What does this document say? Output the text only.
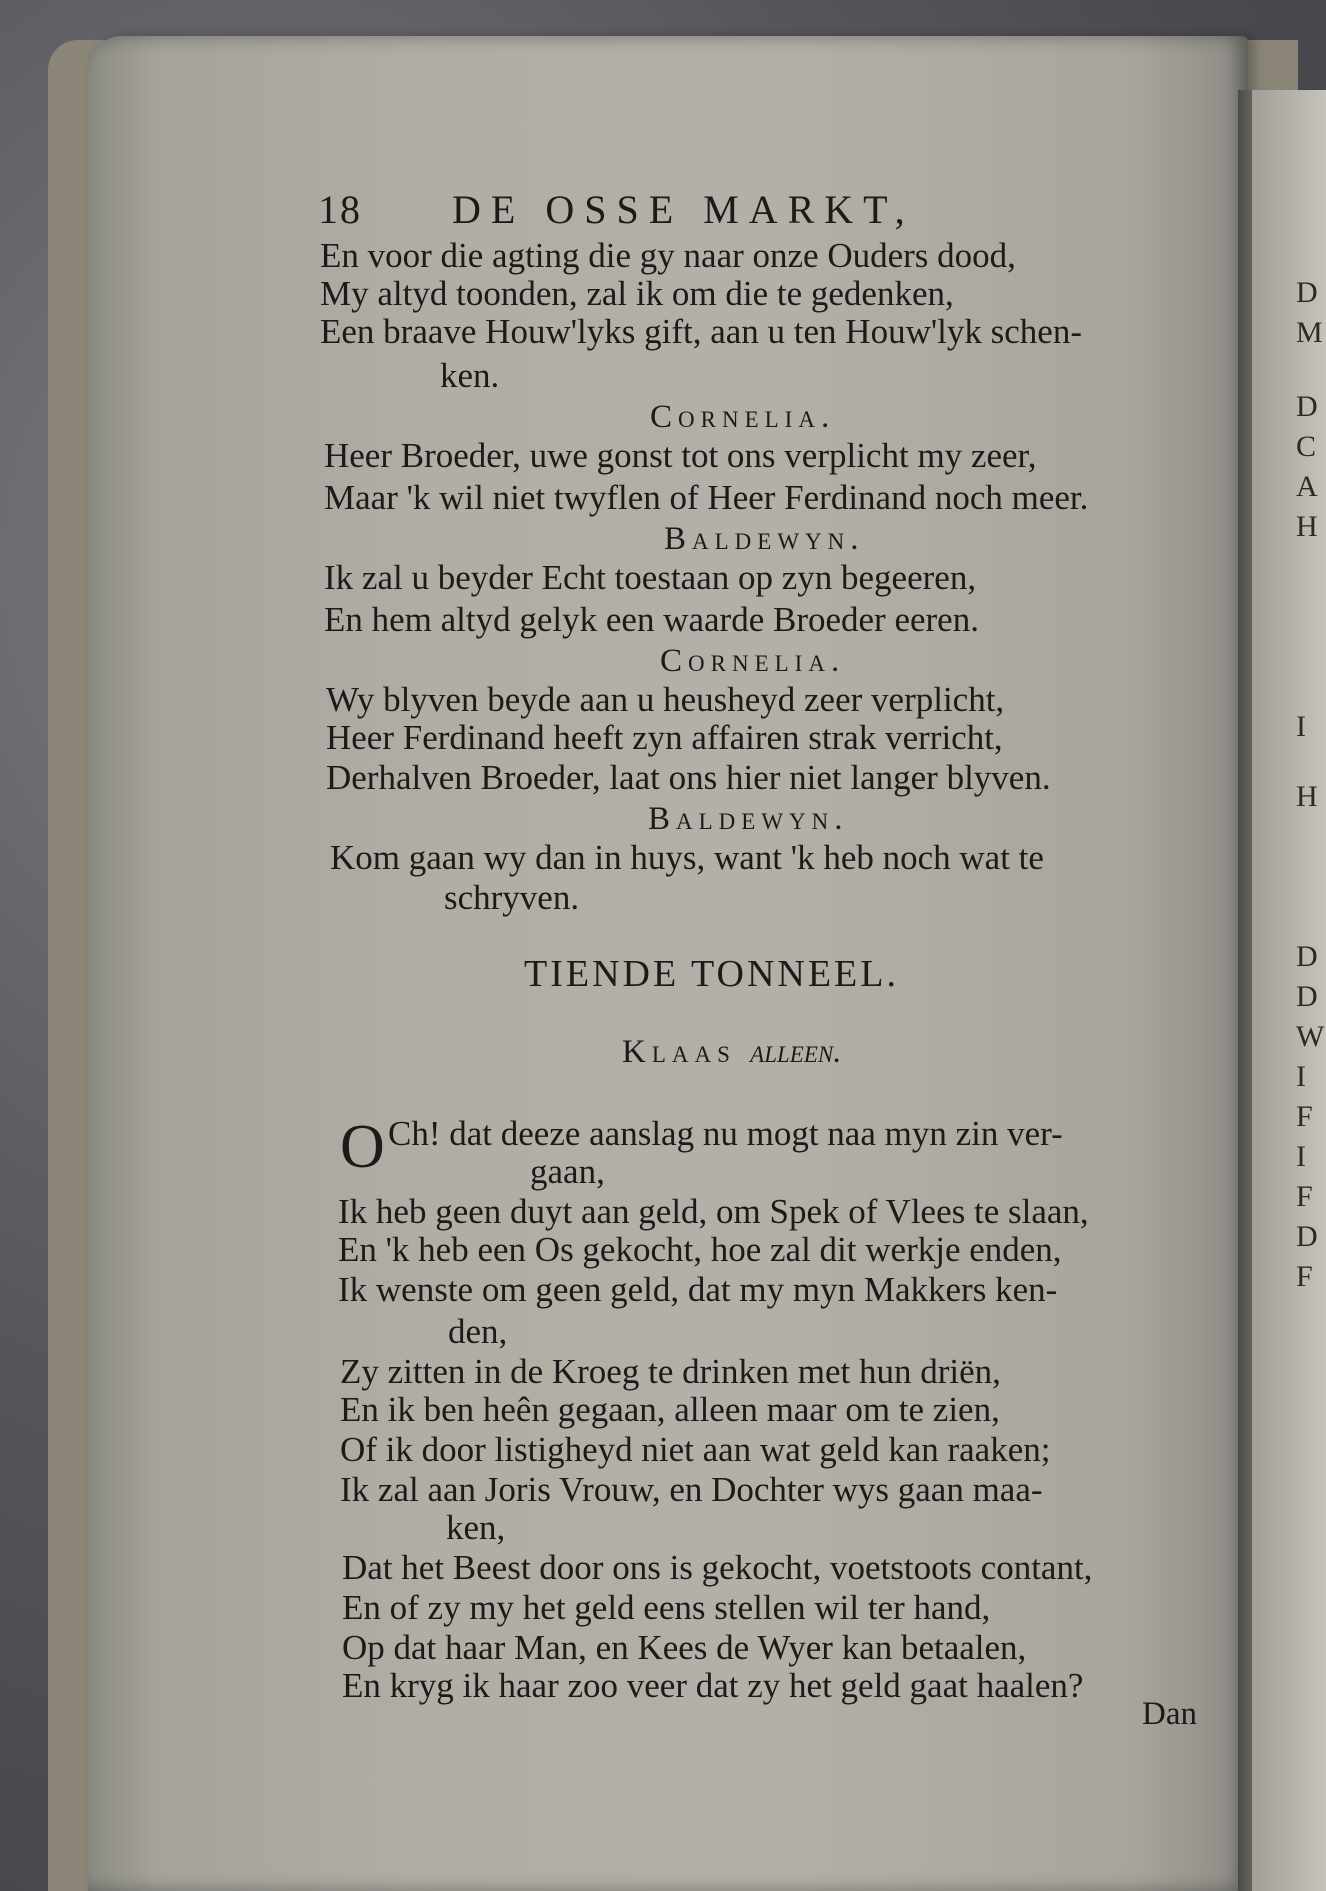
D
M
D
C
A
H
I
H
D
D
W
I
F
I
F
D
F
18 DE OSSE MARKT,
En voor die agting die gy naar onze Ouders dood,
My altyd toonden, zal ik om die te gedenken,
Een braave Houw'lyks gift, aan u ten Houw'lyk schen-
ken.
Cornelia.
Heer Broeder, uwe gonst tot ons verplicht my zeer,
Maar 'k wil niet twyflen of Heer Ferdinand noch meer.
Baldewyn.
Ik zal u beyder Echt toestaan op zyn begeeren,
En hem altyd gelyk een waarde Broeder eeren.
Cornelia.
Wy blyven beyde aan u heusheyd zeer verplicht,
Heer Ferdinand heeft zyn affairen strak verricht,
Derhalven Broeder, laat ons hier niet langer blyven.
Baldewyn.
Kom gaan wy dan in huys, want 'k heb noch wat te
schryven.
TIENDE TONNEEL.
Klaas alleen.
O Ch! dat deeze aanslag nu mogt naa myn zin ver-
gaan,
Ik heb geen duyt aan geld, om Spek of Vlees te slaan,
En 'k heb een Os gekocht, hoe zal dit werkje enden,
Ik wenste om geen geld, dat my myn Makkers ken-
den,
Zy zitten in de Kroeg te drinken met hun driën,
En ik ben heên gegaan, alleen maar om te zien,
Of ik door listigheyd niet aan wat geld kan raaken;
Ik zal aan Joris Vrouw, en Dochter wys gaan maa-
ken,
Dat het Beest door ons is gekocht, voetstoots contant,
En of zy my het geld eens stellen wil ter hand,
Op dat haar Man, en Kees de Wyer kan betaalen,
En kryg ik haar zoo veer dat zy het geld gaat haalen?
Dan
